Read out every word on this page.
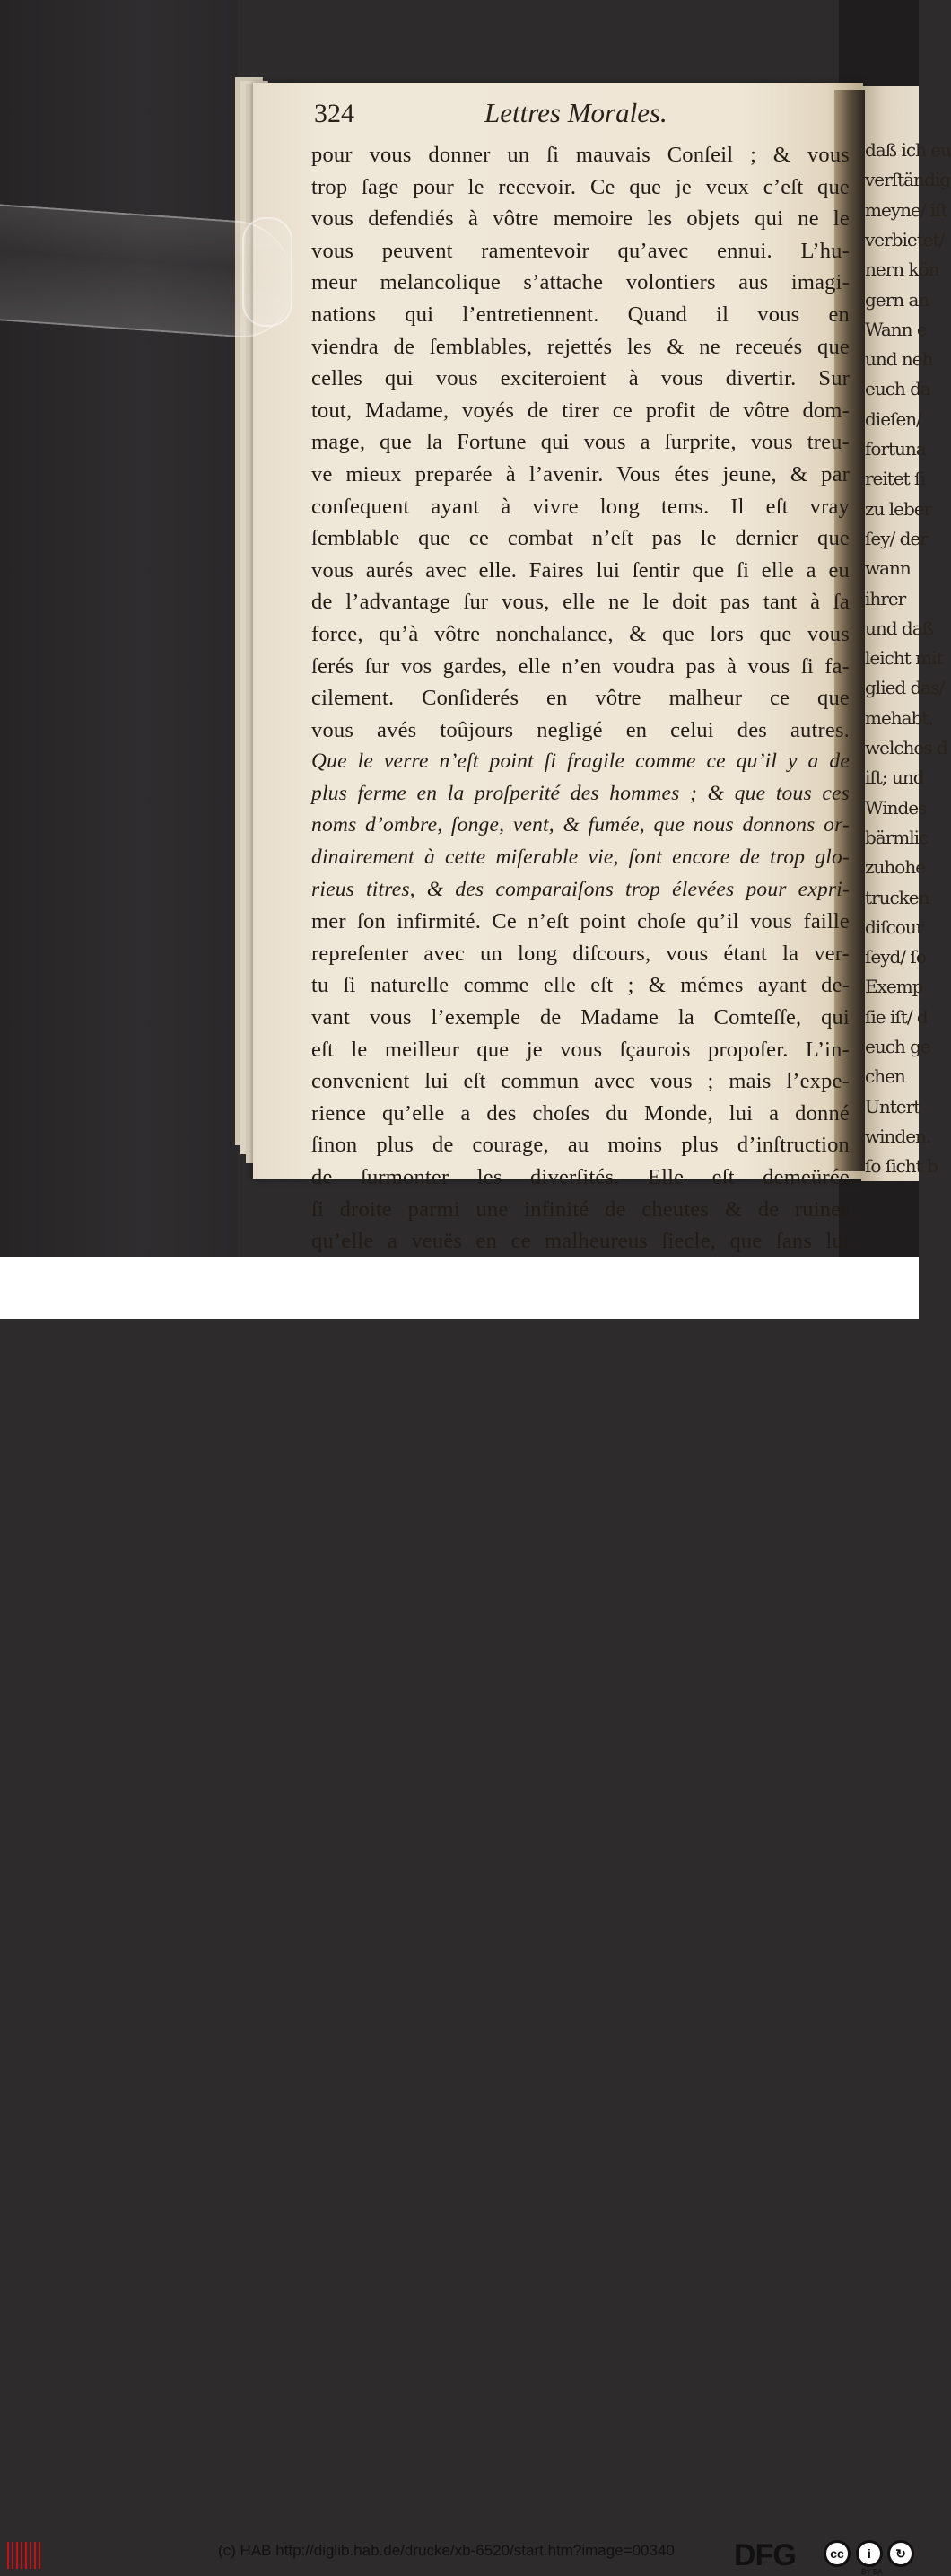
daß ich eu
verſtändig
meyne/ iſt
verbietet/
nern kön
gern an
Wann e
und neh
euch da
dieſen/
fortuna
reitet ſi
zu leber
ſey/ der
wann
ihrer
und daß
leicht mit
glied das/
mehabt.
welches d
iſt; und
Windes
bärmlic
zuhohe
trucken
diſcour
ſeyd/ ſo
Exemp
ſie iſt/ d
euch ge
chen
Untert
winden.
ſo ſicht b
324	Lettres Morales.
pour vous donner un ſi mauvais Conſeil ; & vous
trop ſage pour le recevoir. Ce que je veux c’eſt que
vous defendiés à vôtre memoire les objets qui ne le
vous peuvent ramentevoir qu’avec ennui. L’hu-
meur melancolique s’attache volontiers aus imagi-
nations qui l’entretiennent. Quand il vous en
viendra de ſemblables, rejettés les & ne receués que
celles qui vous exciteroient à vous divertir. Sur
tout, Madame, voyés de tirer ce profit de vôtre dom-
mage, que la Fortune qui vous a ſurprite, vous treu-
ve mieux preparée à l’avenir. Vous étes jeune, & par
conſequent ayant à vivre long tems. Il eſt vray
ſemblable que ce combat n’eſt pas le dernier que
vous aurés avec elle. Faires lui ſentir que ſi elle a eu
de l’advantage ſur vous, elle ne le doit pas tant à ſa
force, qu’à vôtre nonchalance, & que lors que vous
ſerés ſur vos gardes, elle n’en voudra pas à vous ſi fa-
cilement. Conſiderés en vôtre malheur ce que
vous avés toûjours negligé en celui des autres.
Que le verre n’eſt point ſi fragile comme ce qu’il y a de
plus ferme en la proſperité des hommes ; & que tous ces
noms d’ombre, ſonge, vent, & fumée, que nous donnons or-
dinairement à cette miſerable vie, ſont encore de trop glo-
rieus titres, & des comparaiſons trop élevées pour expri-
mer ſon infirmité. Ce n’eſt point choſe qu’il vous faille
repreſenter avec un long diſcours, vous étant la ver-
tu ſi naturelle comme elle eſt ; & mémes ayant de-
vant vous l’exemple de Madame la Comteſſe, qui
eſt le meilleur que je vous ſçaurois propoſer. L’in-
convenient lui eſt commun avec vous ; mais l’expe-
rience qu’elle a des choſes du Monde, lui a donné
ſinon plus de courage, au moins plus d’inſtruction
de ſurmonter les diverſités. Elle eſt demeürée
ſi droite parmi une infinité de cheutes & de ruines
qu’elle a veuës en ce malheureus ſiecle, que ſans lui
(c) HAB http://diglib.hab.de/drucke/xb-6520/start.htm?image=00340 DFG	cc	i	↻
BY SA
